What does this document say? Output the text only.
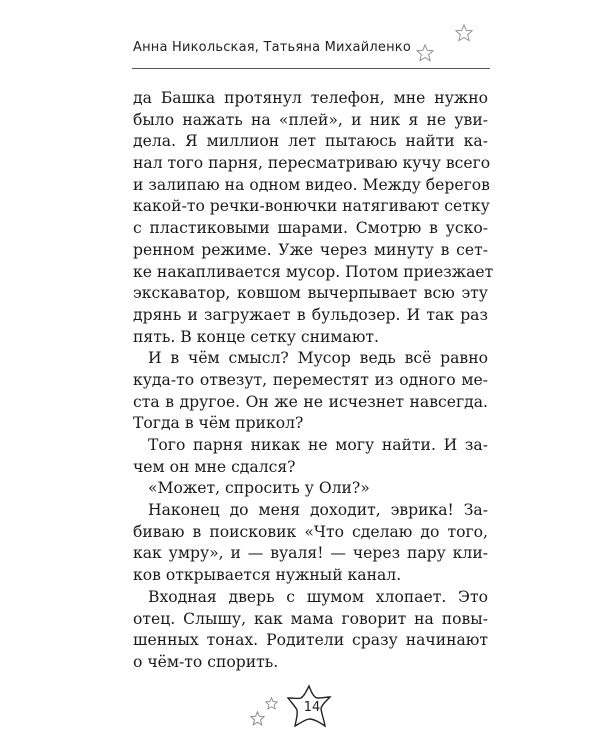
Анна Никольская, Татьяна Михайленко
да Башка протянул телефон, мне нужно
было нажать на «плей», и ник я не уви-
дела. Я миллион лет пытаюсь найти ка-
нал того парня, пересматриваю кучу всего
и залипаю на одном видео. Между берегов
какой-то речки-вонючки натягивают сетку
с пластиковыми шарами. Смотрю в уско-
ренном режиме. Уже через минуту в сет-
ке накапливается мусор. Потом приезжает
экскаватор, ковшом вычерпывает всю эту
дрянь и загружает в бульдозер. И так раз
пять. В конце сетку снимают.
И в чём смысл? Мусор ведь всё равно
куда-то отвезут, переместят из одного ме-
ста в другое. Он же не исчезнет навсегда.
Тогда в чём прикол?
Того парня никак не могу найти. И за-
чем он мне сдался?
«Может, спросить у Оли?»
Наконец до меня доходит, эврика! За-
биваю в поисковик «Что сделаю до того,
как умру», и — вуаля! — через пару кли-
ков открывается нужный канал.
Входная дверь с шумом хлопает. Это
отец. Слышу, как мама говорит на повы-
шенных тонах. Родители сразу начинают
о чём-то спорить.
14
